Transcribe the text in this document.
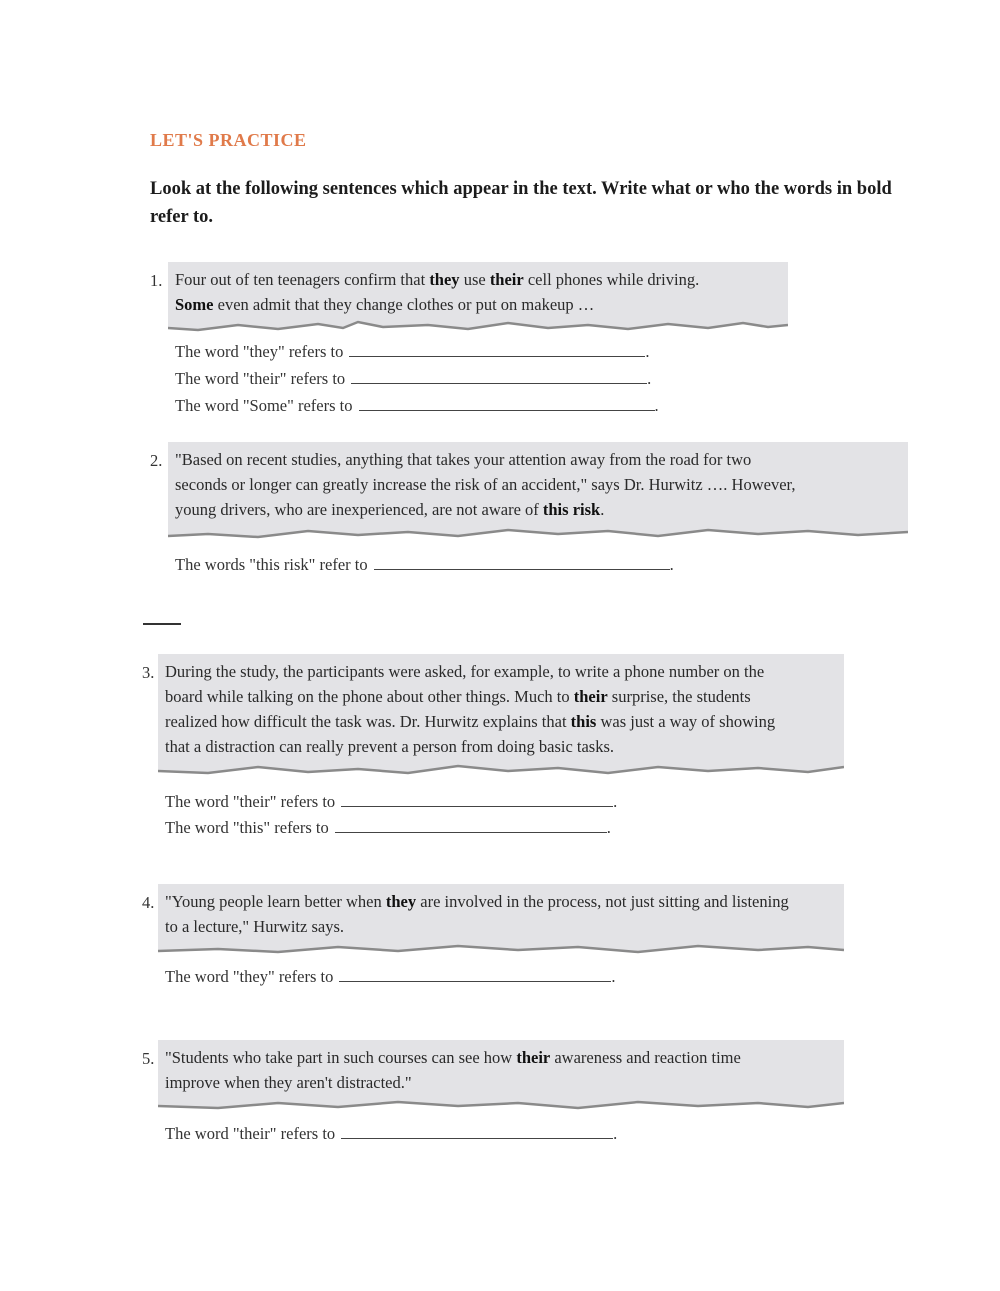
LET'S PRACTICE
Look at the following sentences which appear in the text. Write what or who the words in bold refer to.
1. Four out of ten teenagers confirm that they use their cell phones while driving.
Some even admit that they change clothes or put on makeup …
The word "they" refers to	.
The word "their" refers to	.
The word "Some" refers to	.
2. "Based on recent studies, anything that takes your attention away from the road for two
seconds or longer can greatly increase the risk of an accident," says Dr. Hurwitz …. However,
young drivers, who are inexperienced, are not aware of this risk.
The words "this risk" refer to	.
3. During the study, the participants were asked, for example, to write a phone number on the
board while talking on the phone about other things. Much to their surprise, the students
realized how difficult the task was. Dr. Hurwitz explains that this was just a way of showing
that a distraction can really prevent a person from doing basic tasks.
The word "their" refers to	.
The word "this" refers to	.
4. "Young people learn better when they are involved in the process, not just sitting and listening
to a lecture," Hurwitz says.
The word "they" refers to	.
5. "Students who take part in such courses can see how their awareness and reaction time
improve when they aren't distracted."
The word "their" refers to	.
